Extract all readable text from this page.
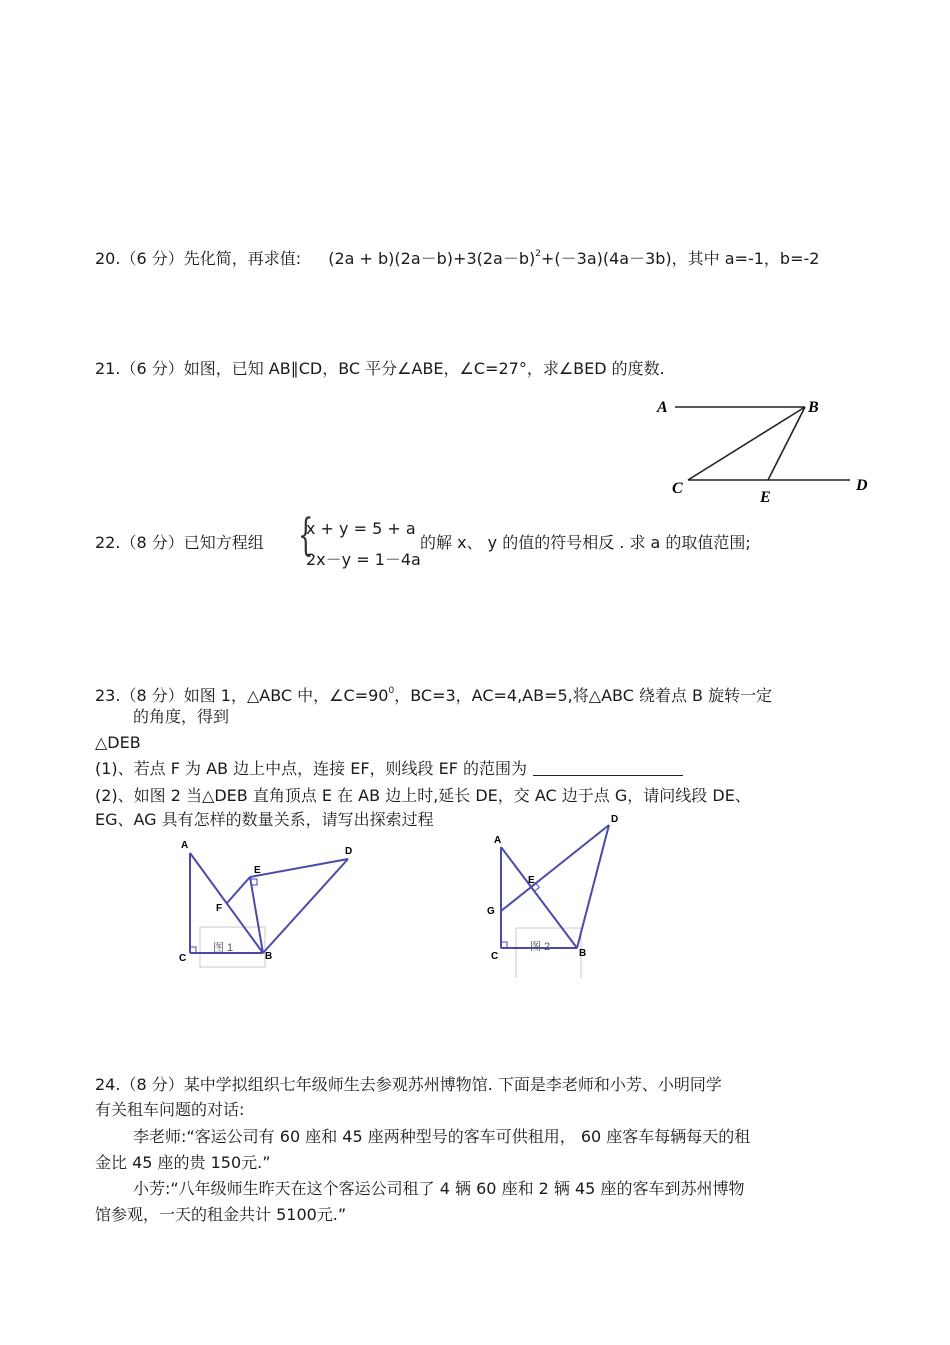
20.（6 分）先化简，再求值: $(2a + b)(2a-b)+3(2a-b)^2+(-3a)(4a-3b)$，其中 a=-1，b=-2
21.（6 分）如图，已知 AB∥CD，BC 平分∠ABE，∠C=27°，求∠BED 的度数.
A	B
C
E
D
22.（8 分）已知方程组 {
x + y = 5 + a
2x－y = 1－4a
的解 x、 y 的值的符号相反 . 求 a 的取值范围;
23.（8 分）如图 1，△ABC 中，$\angle C=90^0$，BC=3，AC=4,AB=5,将△ABC 绕着点 B 旋转一定
的角度，得到
△DEB
(1)、若点 F 为 AB 边上中点，连接 EF，则线段 EF 的范围为
(2)、如图 2 当△DEB 直角顶点 E 在 AB 边上时,延长 DE，交 AC 边于点 G，请问线段 DE、
EG、AG 具有怎样的数量关系，请写出探索过程
A
E
D
F
C	B
图 1
A
D
E
G
C	B
图 2
24.（8 分）某中学拟组织七年级师生去参观苏州博物馆. 下面是李老师和小芳、小明同学
有关租车问题的对话:
李老师:“客运公司有 60 座和 45 座两种型号的客车可供租用， 60 座客车每辆每天的租
金比 45 座的贵 150元.”
小芳:“八年级师生昨天在这个客运公司租了 4 辆 60 座和 2 辆 45 座的客车到苏州博物
馆参观，一天的租金共计 5100元.”
